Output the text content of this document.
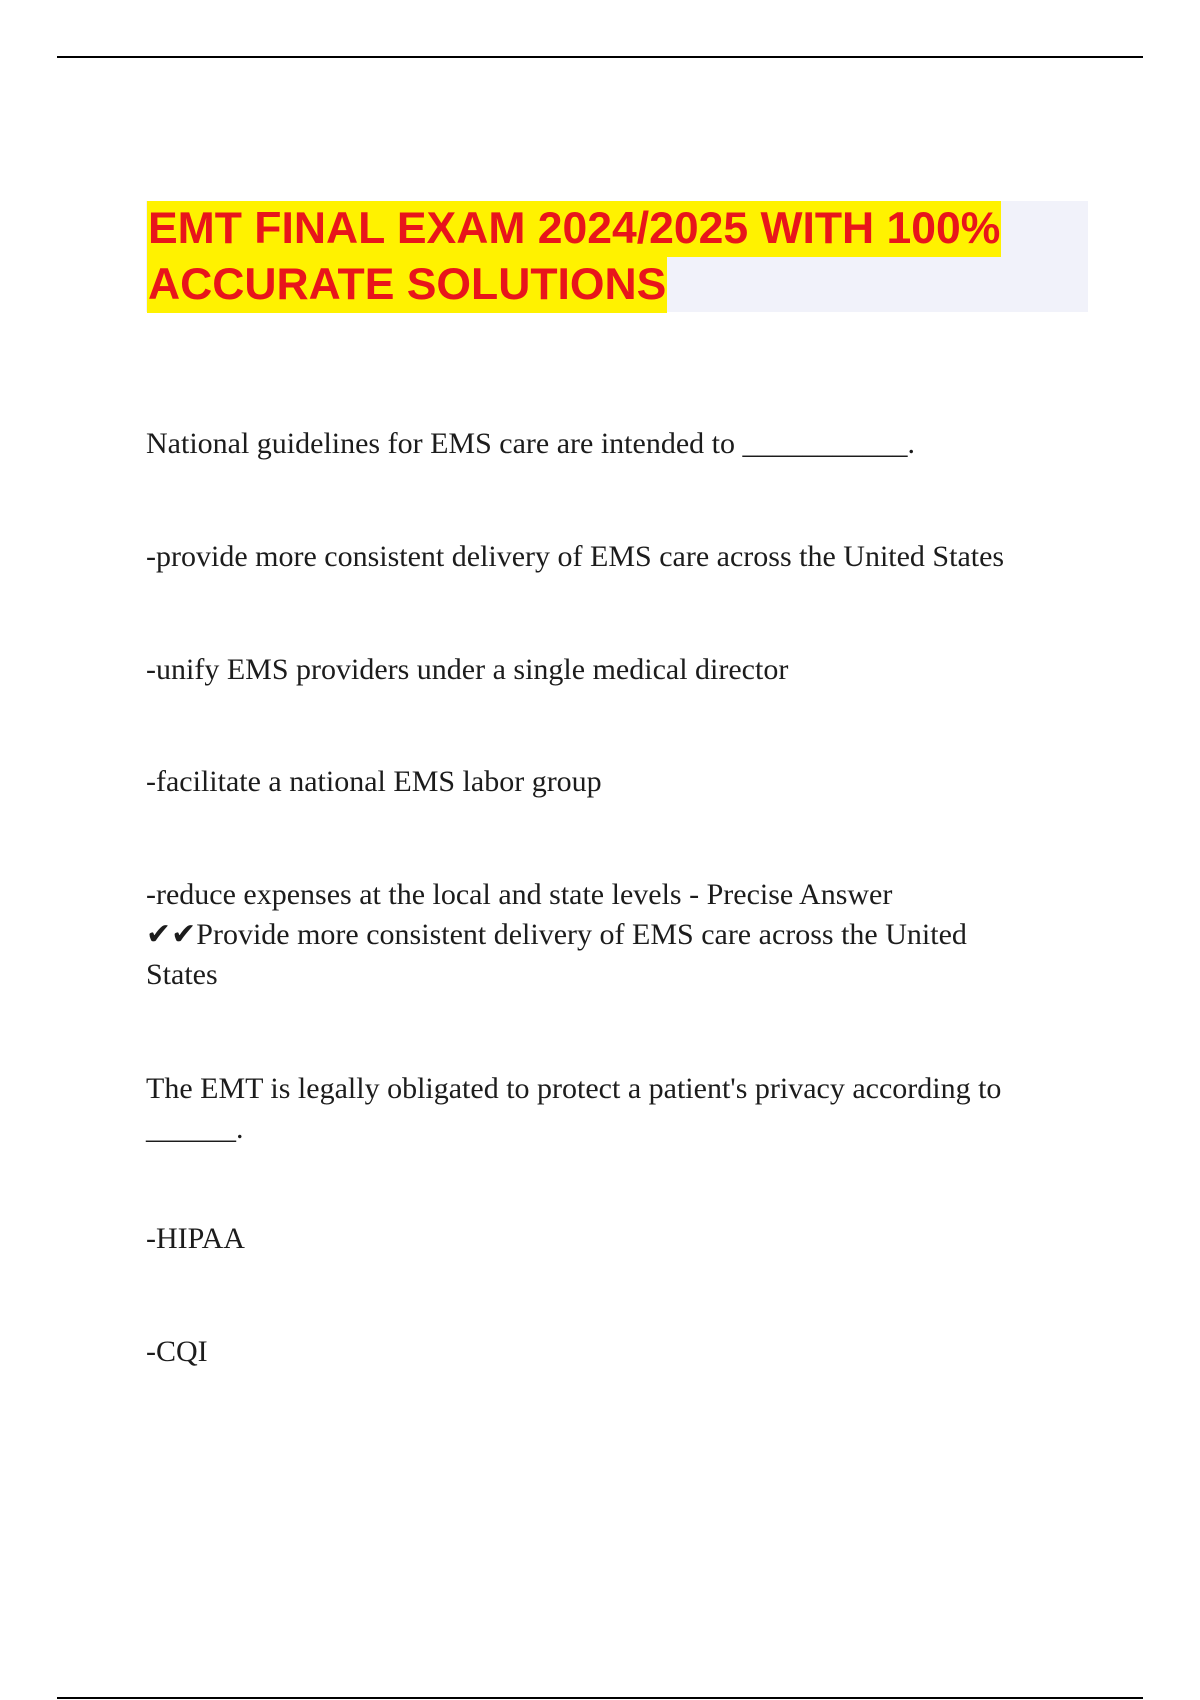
EMT FINAL EXAM 2024/2025 WITH 100%
ACCURATE SOLUTIONS
National guidelines for EMS care are intended to ___________.
-provide more consistent delivery of EMS care across the United States
-unify EMS providers under a single medical director
-facilitate a national EMS labor group
-reduce expenses at the local and state levels - Precise Answer
✔✔Provide more consistent delivery of EMS care across the United
States
The EMT is legally obligated to protect a patient's privacy according to
______.
-HIPAA
-CQI
